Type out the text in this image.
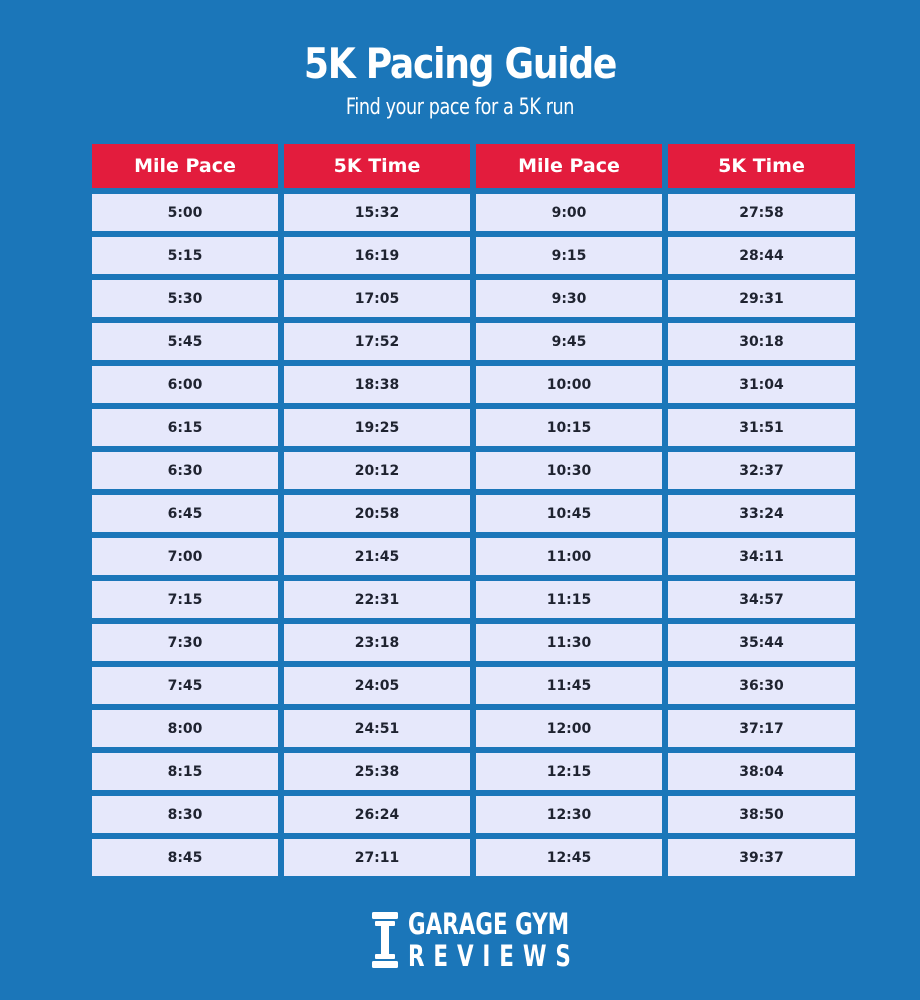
5K Pacing Guide
Find your pace for a 5K run
Mile Pace	5K Time	Mile Pace	5K Time
5:00	15:32	9:00	27:58
5:15	16:19	9:15	28:44
5:30	17:05	9:30	29:31
5:45	17:52	9:45	30:18
6:00	18:38	10:00	31:04
6:15	19:25	10:15	31:51
6:30	20:12	10:30	32:37
6:45	20:58	10:45	33:24
7:00	21:45	11:00	34:11
7:15	22:31	11:15	34:57
7:30	23:18	11:30	35:44
7:45	24:05	11:45	36:30
8:00	24:51	12:00	37:17
8:15	25:38	12:15	38:04
8:30	26:24	12:30	38:50
8:45	27:11	12:45	39:37
GARAGE GYM
REVIEWS
